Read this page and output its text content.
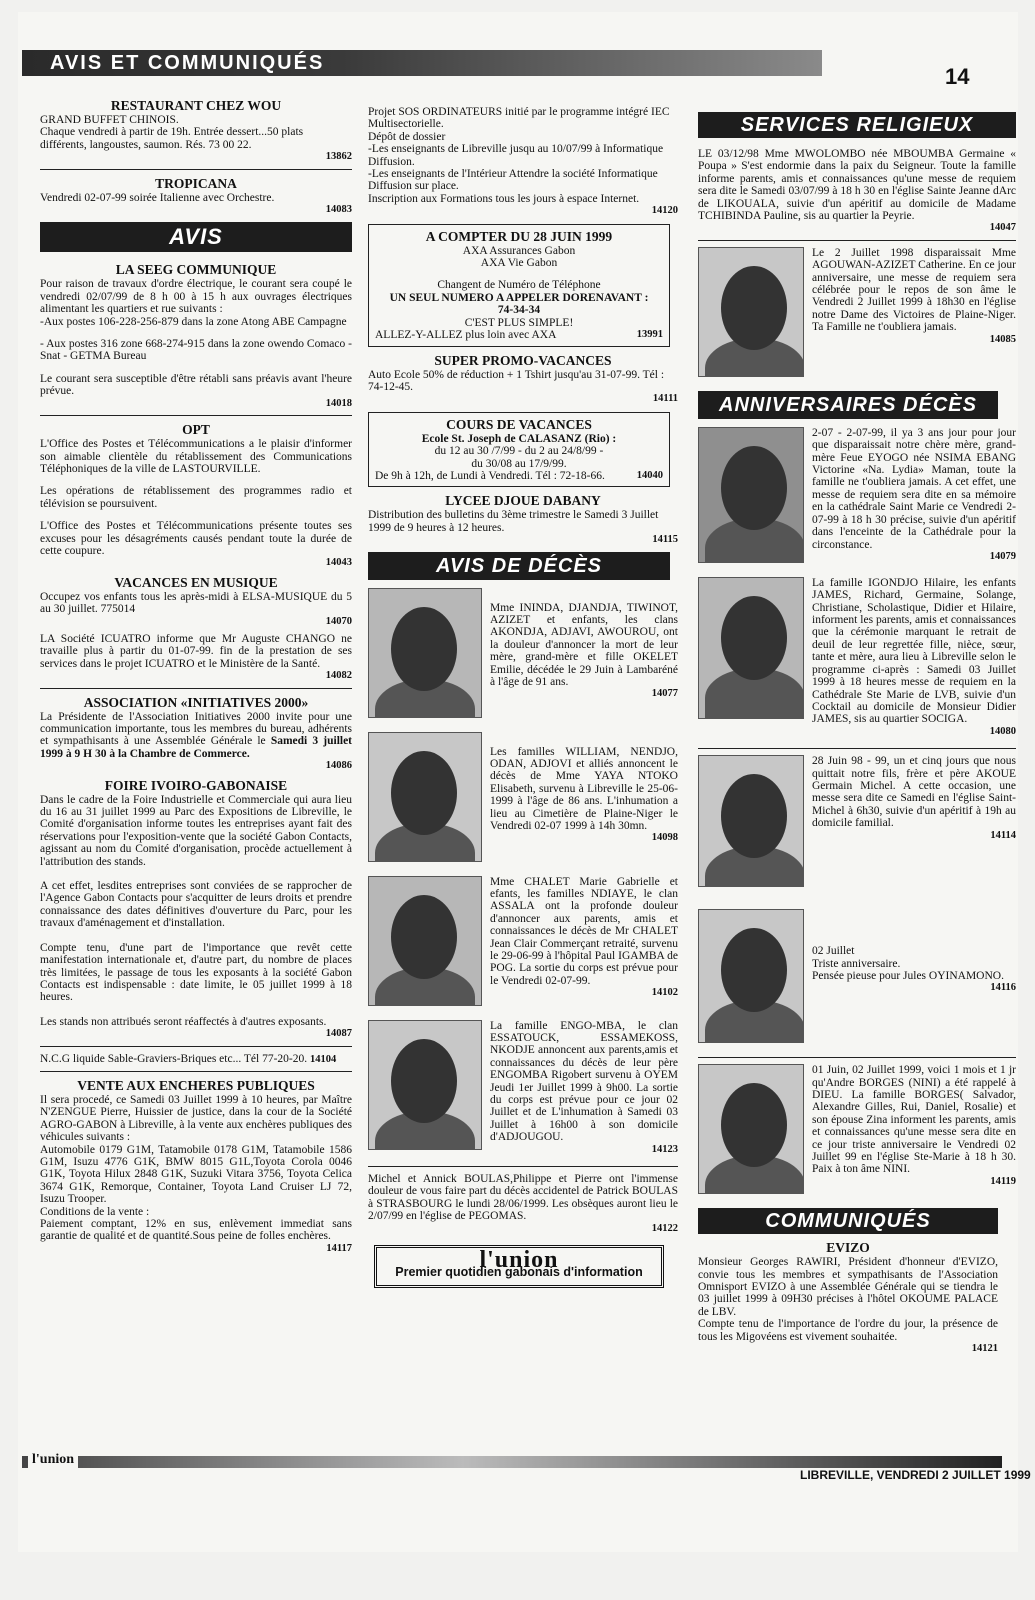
AVIS ET COMMUNIQUÉS
14
RESTAURANT CHEZ WOU

GRAND BUFFET CHINOIS.

Chaque vendredi à partir de 19h. Entrée dessert...50 plats différents, langoustes, saumon. Rés. 73 00 22.

13862
TROPICANA

Vendredi 02-07-99 soirée Italienne avec Orchestre.

14083
AVIS
LA SEEG COMMUNIQUE

Pour raison de travaux d'ordre électrique, le courant sera coupé le vendredi 02/07/99 de 8 h 00 à 15 h aux ouvrages électriques alimentant les quartiers et rue suivants :

-Aux postes 106-228-256-879 dans la zone Atong ABE Campagne

- Aux postes 316 zone 668-274-915 dans la zone owendo Comaco - Snat - GETMA Bureau

Le courant sera susceptible d'être rétabli sans préavis avant l'heure prévue.

14018
OPT

L'Office des Postes et Télécommunications a le plaisir d'informer son aimable clientèle du rétablissement des Communications Téléphoniques de la ville de LASTOURVILLE.

Les opérations de rétablissement des programmes radio et télévision se poursuivent.

L'Office des Postes et Télécommunications présente toutes ses excuses pour les désagréments causés pendant toute la durée de cette coupure.

14043
VACANCES EN MUSIQUE

Occupez vos enfants tous les après-midi à ELSA-MUSIQUE du 5 au 30 juillet. 775014

14070

LA Société ICUATRO informe que Mr Auguste CHANGO ne travaille plus à partir du 01-07-99. fin de la prestation de ses services dans le projet ICUATRO et le Ministère de la Santé.

14082
ASSOCIATION «INITIATIVES 2000»

La Présidente de l'Association Initiatives 2000 invite pour une communication importante, tous les membres du bureau, adhérents et sympathisants à une Assemblée Générale le Samedi 3 juillet 1999 à 9 H 30 à la Chambre de Commerce.

14086
FOIRE IVOIRO-GABONAISE

Dans le cadre de la Foire Industrielle et Commerciale qui aura lieu du 16 au 31 juillet 1999 au Parc des Expositions de Libreville, le Comité d'organisation informe toutes les entreprises ayant fait des réservations pour l'exposition-vente que la société Gabon Contacts, agissant au nom du Comité d'organisation, procède actuellement à l'attribution des stands.

A cet effet, lesdites entreprises sont conviées de se rapprocher de l'Agence Gabon Contacts pour s'acquitter de leurs droits et prendre connaissance des dates définitives d'ouverture du Parc, pour les travaux d'aménagement et d'installation.

Compte tenu, d'une part de l'importance que revêt cette manifestation internationale et, d'autre part, du nombre de places très limitées, le passage de tous les exposants à la société Gabon Contacts est indispensable : date limite, le 05 juillet 1999 à 18 heures.

Les stands non attribués seront réaffectés à d'autres exposants.

14087

N.C.G liquide Sable-Graviers-Briques etc... Tél 77-20-20. 14104

VENTE AUX ENCHERES PUBLIQUES

Il sera procedé, ce Samedi 03 Juillet 1999 à 10 heures, par Maître N'ZENGUE Pierre, Huissier de justice, dans la cour de la Société AGRO-GABON à Libreville, à la vente aux enchères publiques des véhicules suivants :

Automobile 0179 G1M, Tatamobile 0178 G1M, Tatamobile 1586 G1M, Isuzu 4776 G1K, BMW 8015 G1L,Toyota Corola 0046 G1K, Toyota Hilux 2848 G1K, Suzuki Vitara 3756, Toyota Celica 3674 G1K, Remorque, Container, Toyota Land Cruiser LJ 72, Isuzu Trooper.

Conditions de la vente :

Paiement comptant, 12% en sus, enlèvement immediat sans garantie de qualité et de quantité.Sous peine de folles enchères.

14117

Projet SOS ORDINATEURS initié par le programme intégré IEC Multisectorielle.

Dépôt de dossier

-Les enseignants de Libreville jusqu au 10/07/99 à Informatique Diffusion.

-Les enseignants de l'Intérieur Attendre la société Informatique Diffusion sur place.

Inscription aux Formations tous les jours à espace Internet.

14120
A COMPTER DU 28 JUIN 1999

AXA Assurances Gabon

AXA Vie Gabon

Changent de Numéro de Téléphone

UN SEUL NUMERO A APPELER DORENAVANT :

74-34-34

C'EST PLUS SIMPLE!

ALLEZ-Y-ALLEZ plus loin avec AXA	13991

SUPER PROMO-VACANCES

Auto Ecole 50% de réduction + 1 Tshirt jusqu'au 31-07-99. Tél : 74-12-45.

14111
COURS DE VACANCES

Ecole St. Joseph de CALASANZ (Rio) :

du 12 au 30 /7/99 - du 2 au 24/8/99 -

du 30/08 au 17/9/99.

De 9h à 12h, de Lundi à Vendredi. Tél : 72-18-66.	14040

LYCEE DJOUE DABANY

Distribution des bulletins du 3ème trimestre le Samedi 3 Juillet 1999 de 9 heures à 12 heures.

14115
AVIS DE DÉCÈS

Mme ININDA, DJANDJA, TIWINOT, AZIZET et enfants, les clans AKONDJA, ADJAVI, AWOUROU, ont la douleur d'annoncer la mort de leur mère, grand-mère et fille OKELET Emilie, décédée le 29 Juin à Lambaréné à l'âge de 91 ans.

14077

Les familles WILLIAM, NENDJO, ODAN, ADJOVI et alliés annoncent le décès de Mme YAYA NTOKO Elisabeth, survenu à Libreville le 25-06-1999 à l'âge de 86 ans. L'inhumation a lieu au Cimetière de Plaine-Niger le Vendredi 02-07 1999 à 14h 30mn.

14098

Mme CHALET Marie Gabrielle et efants, les familles NDIAYE, le clan ASSALA ont la profonde douleur d'annoncer aux parents, amis et connaissances le décès de Mr CHALET Jean Clair Commerçant retraité, survenu le 29-06-99 à l'hôpital Paul IGAMBA de POG. La sortie du corps est prévue pour le Vendredi 02-07-99.

14102

La famille ENGO-MBA, le clan ESSATOUCK, ESSAMEKOSS, NKODJE annoncent aux parents,amis et connaissances du décès de leur père ENGOMBA Rigobert survenu à OYEM Jeudi 1er Juillet 1999 à 9h00. La sortie du corps est prévue pour ce jour 02 Juillet et de L'inhumation à Samedi 03 Juillet à 16h00 à son domicile d'ADJOUGOU.

14123

Michel et Annick BOULAS,Philippe et Pierre ont l'immense douleur de vous faire part du décès accidentel de Patrick BOULAS à STRASBOURG le lundi 28/06/1999. Les obsèques auront lieu le 2/07/99 en l'église de PEGOMAS.

14122
l'union
Premier quotidien gabonais d'information
SERVICES RELIGIEUX

LE 03/12/98 Mme MWOLOMBO née MBOUMBA Germaine « Poupa » S'est endormie dans la paix du Seigneur. Toute la famille informe parents, amis et connaissances qu'une messe de requiem sera dite le Samedi 03/07/99 à 18 h 30 en l'église Sainte Jeanne dArc de LIKOUALA, suivie d'un apéritif au domicile de Madame TCHIBINDA Pauline, sis au quartier la Peyrie.

14047

Le 2 Juillet 1998 disparaissait Mme AGOUWAN-AZIZET Catherine. En ce jour anniversaire, une messe de requiem sera célébrée pour le repos de son âme le Vendredi 2 Juillet 1999 à 18h30 en l'église notre Dame des Victoires de Plaine-Niger. Ta Famille ne t'oubliera jamais.

14085
ANNIVERSAIRES DÉCÈS

2-07 - 2-07-99, il ya 3 ans jour pour jour que disparaissait notre chère mère, grand-mère Feue EYOGO née NSIMA EBANG Victorine «Na. Lydia» Maman, toute la famille ne t'oubliera jamais. A cet effet, une messe de requiem sera dite en sa mémoire en la cathédrale Saint Marie ce Vendredi 2-07-99 à 18 h 30 précise, suivie d'un apéritif dans l'enceinte de la Cathédrale pour la circonstance.

14079

La famille IGONDJO Hilaire, les enfants JAMES, Richard, Germaine, Solange, Christiane, Scholastique, Didier et Hilaire, informent les parents, amis et connaissances que la cérémonie marquant le retrait de deuil de leur regrettée fille, nièce, sœur, tante et mère, aura lieu à Libreville selon le programme ci-après : Samedi 03 Juillet 1999 à 18 heures messe de requiem en la Cathédrale Ste Marie de LVB, suivie d'un Cocktail au domicile de Monsieur Didier JAMES, sis au quartier SOCIGA.

14080

28 Juin 98 - 99, un et cinq jours que nous quittait notre fils, frère et père AKOUE Germain Michel. A cette occasion, une messe sera dite ce Samedi en l'église Saint-Michel à 6h30, suivie d'un apéritif à 19h au domicile familial.

14114

02 Juillet

Triste anniversaire.

Pensée pieuse pour Jules OYINAMONO.

14116

01 Juin, 02 Juillet 1999, voici 1 mois et 1 jr qu'Andre BORGES (NINI) a été rappelé à DIEU. La famille BORGES( Salvador, Alexandre Gilles, Rui, Daniel, Rosalie) et son épouse Zina informent les parents, amis et connaissances qu'une messe sera dite en ce jour triste anniversaire le Vendredi 02 Juillet 99 en l'église Ste-Marie à 18 h 30. Paix à ton âme NINI.

14119
COMMUNIQUÉS
EVIZO

Monsieur Georges RAWIRI, Président d'honneur d'EVIZO, convie tous les membres et sympathisants de l'Association Omnisport EVIZO à une Assemblée Générale qui se tiendra le 03 juillet 1999 à 09H30 précises à l'hôtel OKOUME PALACE de LBV.

Compte tenu de l'importance de l'ordre du jour, la présence de tous les Migovéens est vivement souhaitée.

14121
l'union
LIBREVILLE, VENDREDI 2 JUILLET 1999
